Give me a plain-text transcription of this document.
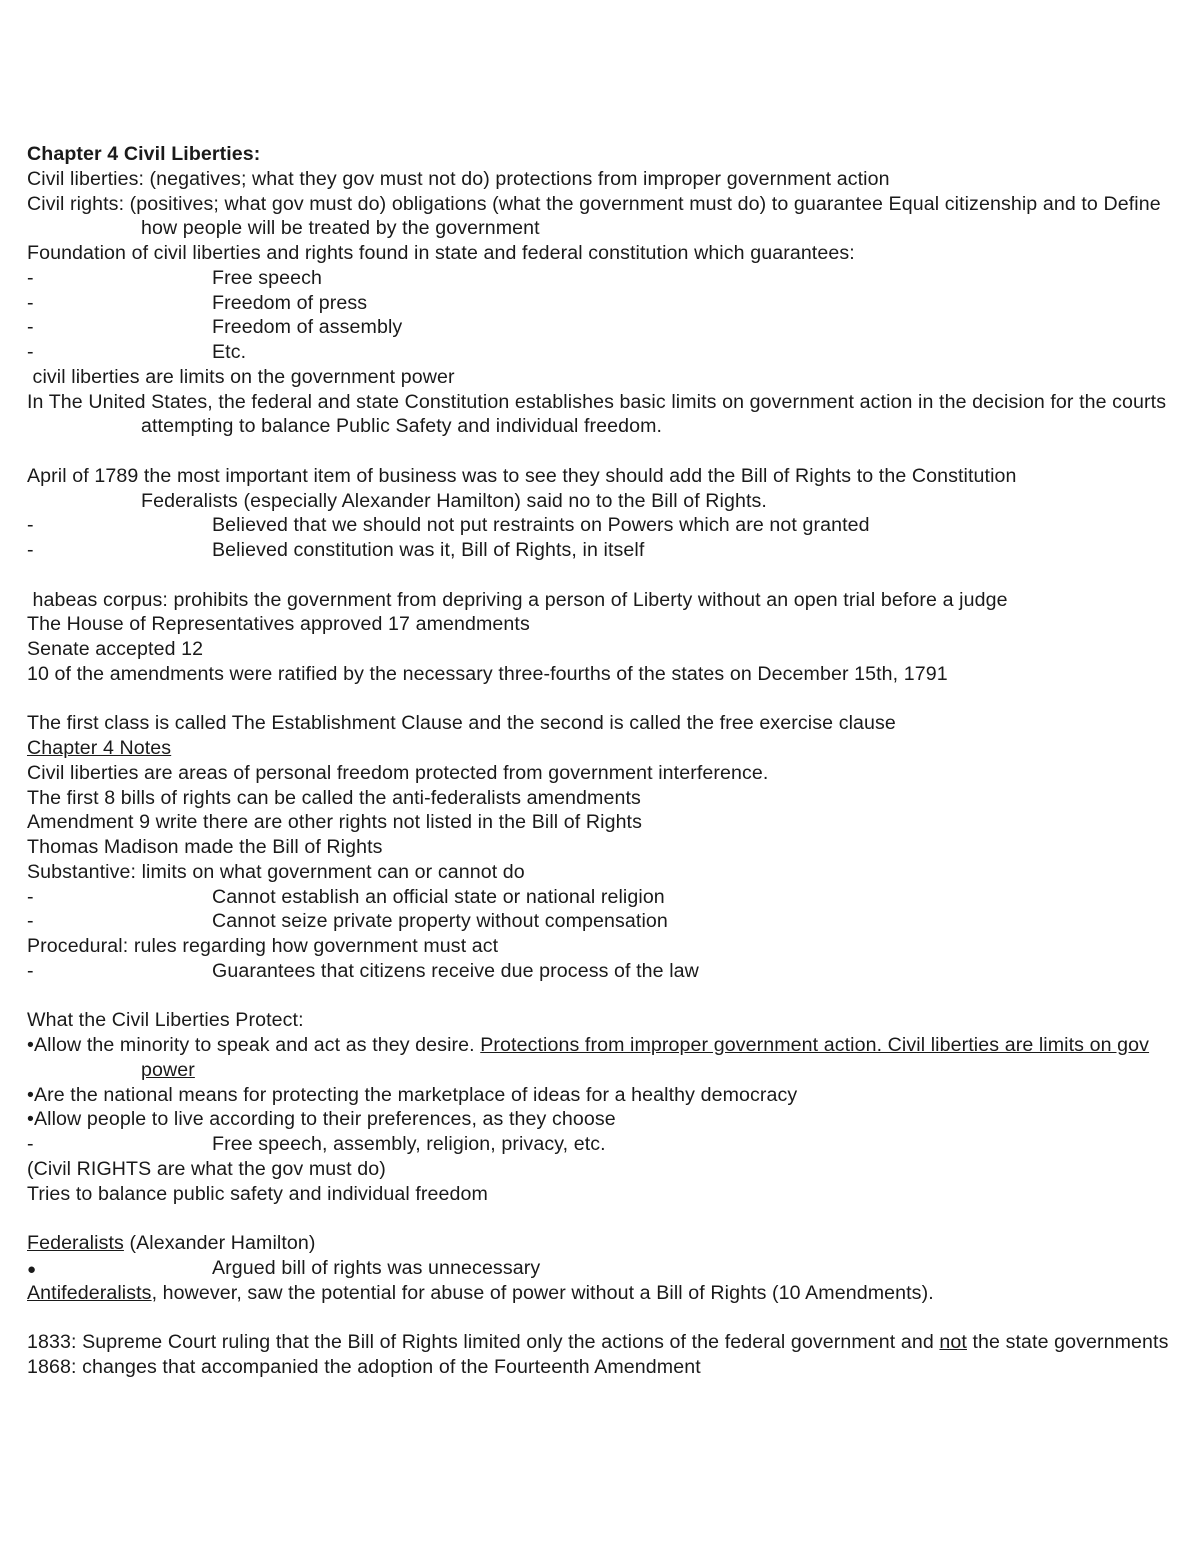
Chapter 4 Civil Liberties:
Civil liberties: (negatives; what they gov must not do) protections from improper government action
Civil rights: (positives; what gov must do) obligations (what the government must do) to guarantee Equal citizenship and to Define how people will be treated by the government
Foundation of civil liberties and rights found in state and federal constitution which guarantees:
-	Free speech
-	Freedom of press
-	Freedom of assembly
-	Etc.
civil liberties are limits on the government power
In The United States, the federal and state Constitution establishes basic limits on government action in the decision for the courts attempting to balance Public Safety and individual freedom.
April of 1789 the most important item of business was to see they should add the Bill of Rights to the Constitution
Federalists (especially Alexander Hamilton) said no to the Bill of Rights.
-	Believed that we should not put restraints on Powers which are not granted
-	Believed constitution was it, Bill of Rights, in itself
habeas corpus: prohibits the government from depriving a person of Liberty without an open trial before a judge
The House of Representatives approved 17 amendments
Senate accepted 12
10 of the amendments were ratified by the necessary three-fourths of the states on December 15th, 1791
The first class is called The Establishment Clause and the second is called the free exercise clause
Chapter 4 Notes
Civil liberties are areas of personal freedom protected from government interference.
The first 8 bills of rights can be called the anti-federalists amendments
Amendment 9 write there are other rights not listed in the Bill of Rights
Thomas Madison made the Bill of Rights
Substantive: limits on what government can or cannot do
-	Cannot establish an official state or national religion
-	Cannot seize private property without compensation
Procedural: rules regarding how government must act
-	Guarantees that citizens receive due process of the law
What the Civil Liberties Protect:
•Allow the minority to speak and act as they desire. Protections from improper government action. Civil liberties are limits on gov power
•Are the national means for protecting the marketplace of ideas for a healthy democracy
•Allow people to live according to their preferences, as they choose
-	Free speech, assembly, religion, privacy, etc.
(Civil RIGHTS are what the gov must do)
Tries to balance public safety and individual freedom
Federalists (Alexander Hamilton)
●	Argued bill of rights was unnecessary
Antifederalists, however, saw the potential for abuse of power without a Bill of Rights (10 Amendments).
1833: Supreme Court ruling that the Bill of Rights limited only the actions of the federal government and not the state governments
1868: changes that accompanied the adoption of the Fourteenth Amendment
